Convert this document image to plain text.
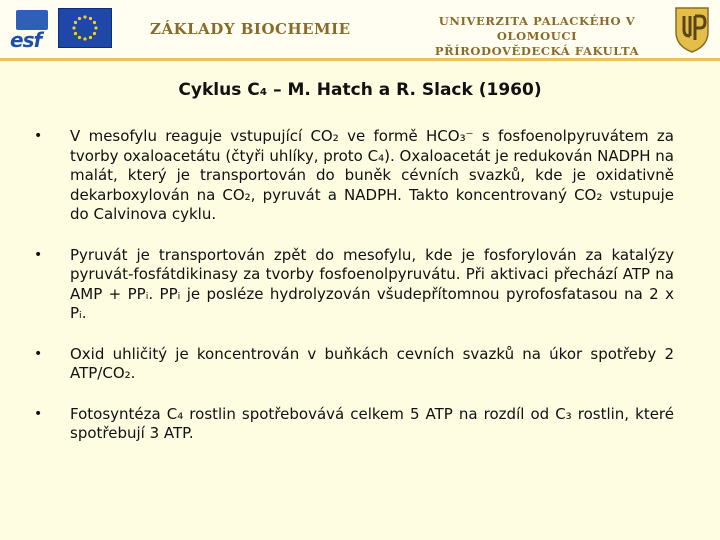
esf	ZÁKLADY BIOCHEMIE	UNIVERZITA PALACKÉHO V OLOMOUCI
PŘÍRODOVĚDECKÁ FAKULTA
Cyklus C₄ – M. Hatch a R. Slack (1960)
• V mesofylu reaguje vstupující CO₂ ve formě HCO₃⁻ s fosfoenolpyruvátem za tvorby oxaloacetátu (čtyři uhlíky, proto C₄). Oxaloacetát je redukován NADPH na malát, který je transportován do buněk cévních svazků, kde je oxidativně dekarboxylován na CO₂, pyruvát a NADPH. Takto koncentrovaný CO₂ vstupuje do Calvinova cyklu.
• Pyruvát je transportován zpět do mesofylu, kde je fosforylován za katalýzy pyruvát-fosfátdikinasy za tvorby fosfoenolpyruvátu. Při aktivaci přechází ATP na AMP + PPᵢ. PPᵢ je posléze hydrolyzován všudepřítomnou pyrofosfatasou na 2 x Pᵢ.
• Oxid uhličitý je koncentrován v buňkách cevních svazků na úkor spotřeby 2 ATP/CO₂.
• Fotosyntéza C₄ rostlin spotřebovává celkem 5 ATP na rozdíl od C₃ rostlin, které spotřebují 3 ATP.
